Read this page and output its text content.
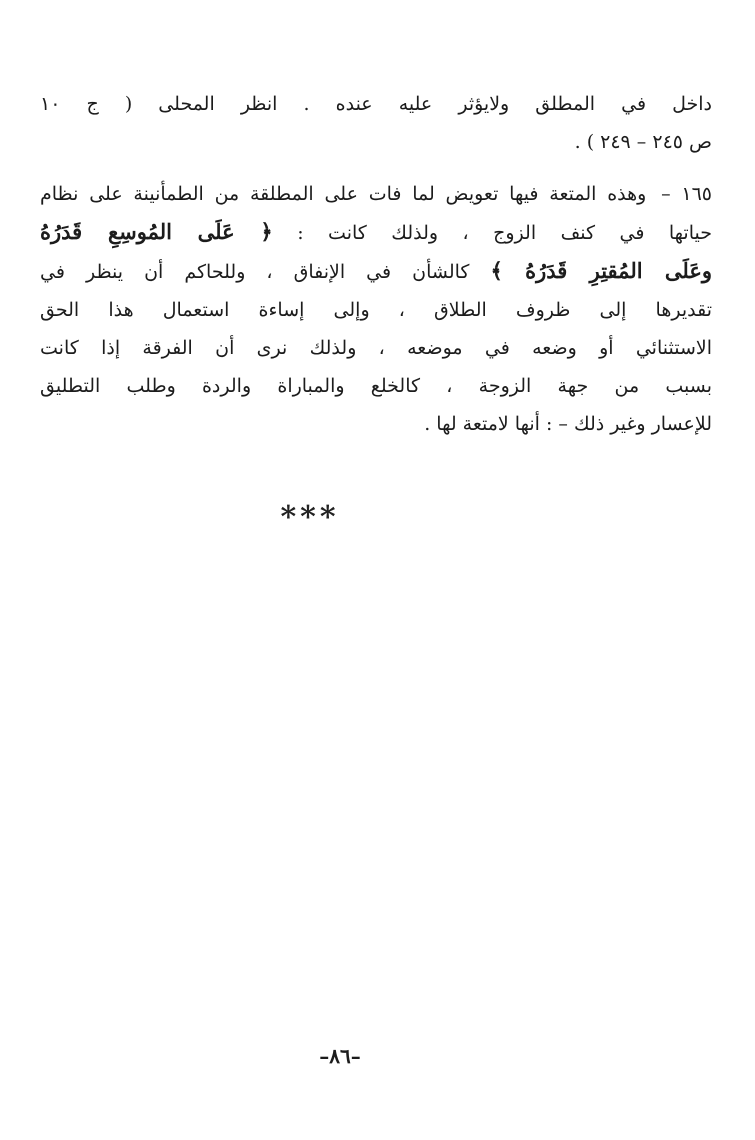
داخل في المطلق ولايؤثر عليه عنده . انظر المحلى ( ج ١٠
ص ٢٤٥ – ٢٤٩ ) .
١٦٥ – وهذه المتعة فيها تعويض لما فات على المطلقة من الطمأنينة على نظام
حياتها في كنف الزوج ، ولذلك كانت : ﴿ عَلَى المُوسِعِ قَدَرُهُ
وعَلَى المُقتِرِ قَدَرُهُ ﴾ كالشأن في الإنفاق ، وللحاكم أن ينظر في
تقديرها إلى ظروف الطلاق ، وإلى إساءة استعمال هذا الحق
الاستثنائي أو وضعه في موضعه ، ولذلك نرى أن الفرقة إذا كانت
بسبب من جهة الزوجة ، كالخلع والمباراة والردة وطلب التطليق
للإعسار وغير ذلك – : أنها لامتعة لها .
***
–٨٦–
